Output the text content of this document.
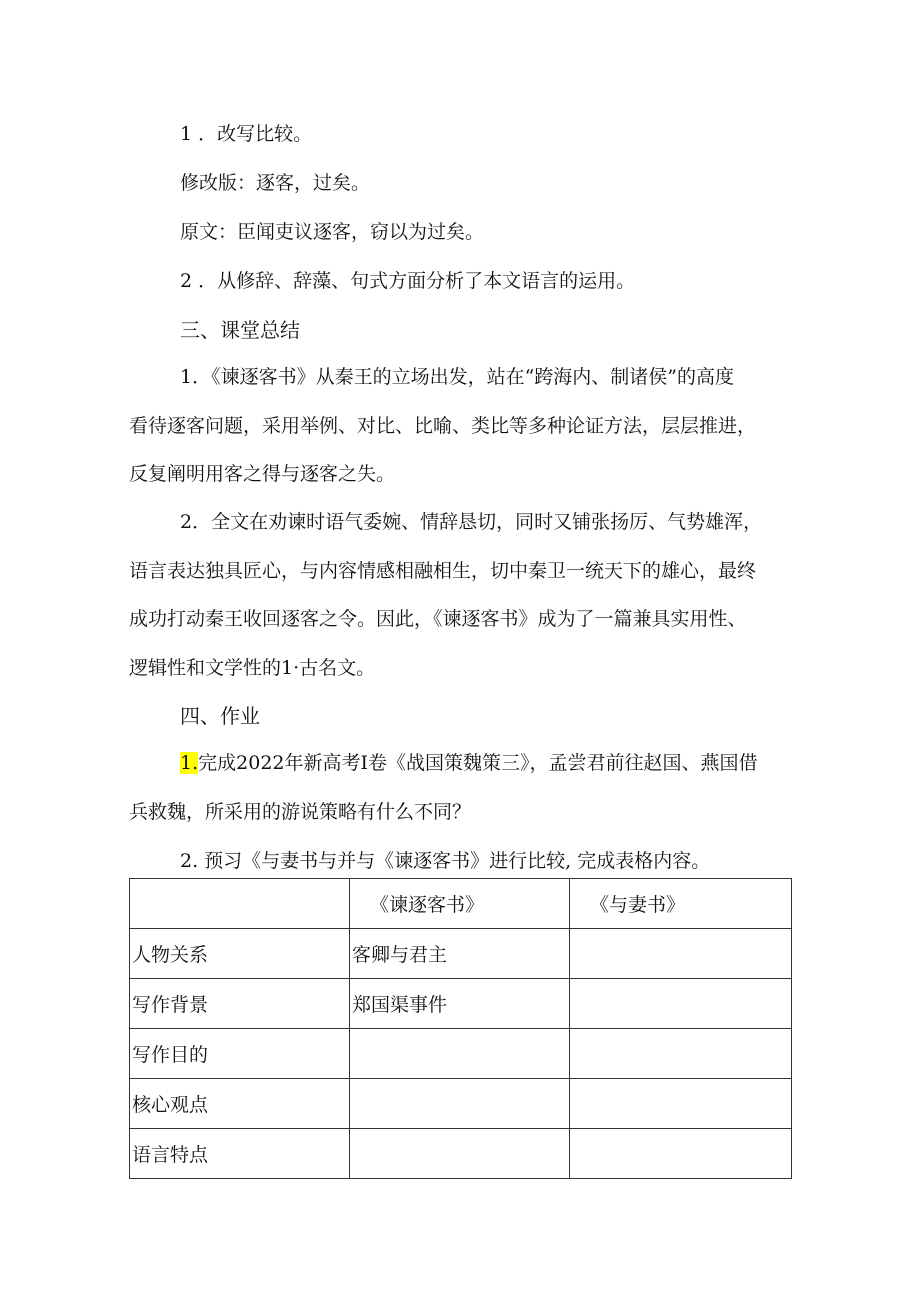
1 ．改写比较。
修改版：逐客，过矣。
原文：臣闻吏议逐客，窃以为过矣。
2 ．从修辞、辞藻、句式方面分析了本文语言的运用。
三、课堂总结
1．《谏逐客书》从秦王的立场出发，站在“跨海内、制诸侯”的高度
看待逐客问题，采用举例、对比、比喻、类比等多种论证方法，层层推进，
反复阐明用客之得与逐客之失。
2．全文在劝谏时语气委婉、情辞恳切，同时又铺张扬厉、气势雄浑，
语言表达独具匠心，与内容情感相融相生，切中秦卫一统天下的雄心，最终
成功打动秦王收回逐客之令。因此，《谏逐客书》成为了一篇兼具实用性、
逻辑性和文学性的1·古名文。
四、作业
1.完成2022年新高考I卷《战国策魏策三》，孟尝君前往赵国、燕国借
兵救魏，所采用的游说策略有什么不同？
2. 预习《与妻书与并与《谏逐客书》进行比较, 完成表格内容。
	《谏逐客书》	《与妻书》
人物关系	客卿与君主	
写作背景	郑国渠事件	
写作目的		
核心观点		
语言特点		
